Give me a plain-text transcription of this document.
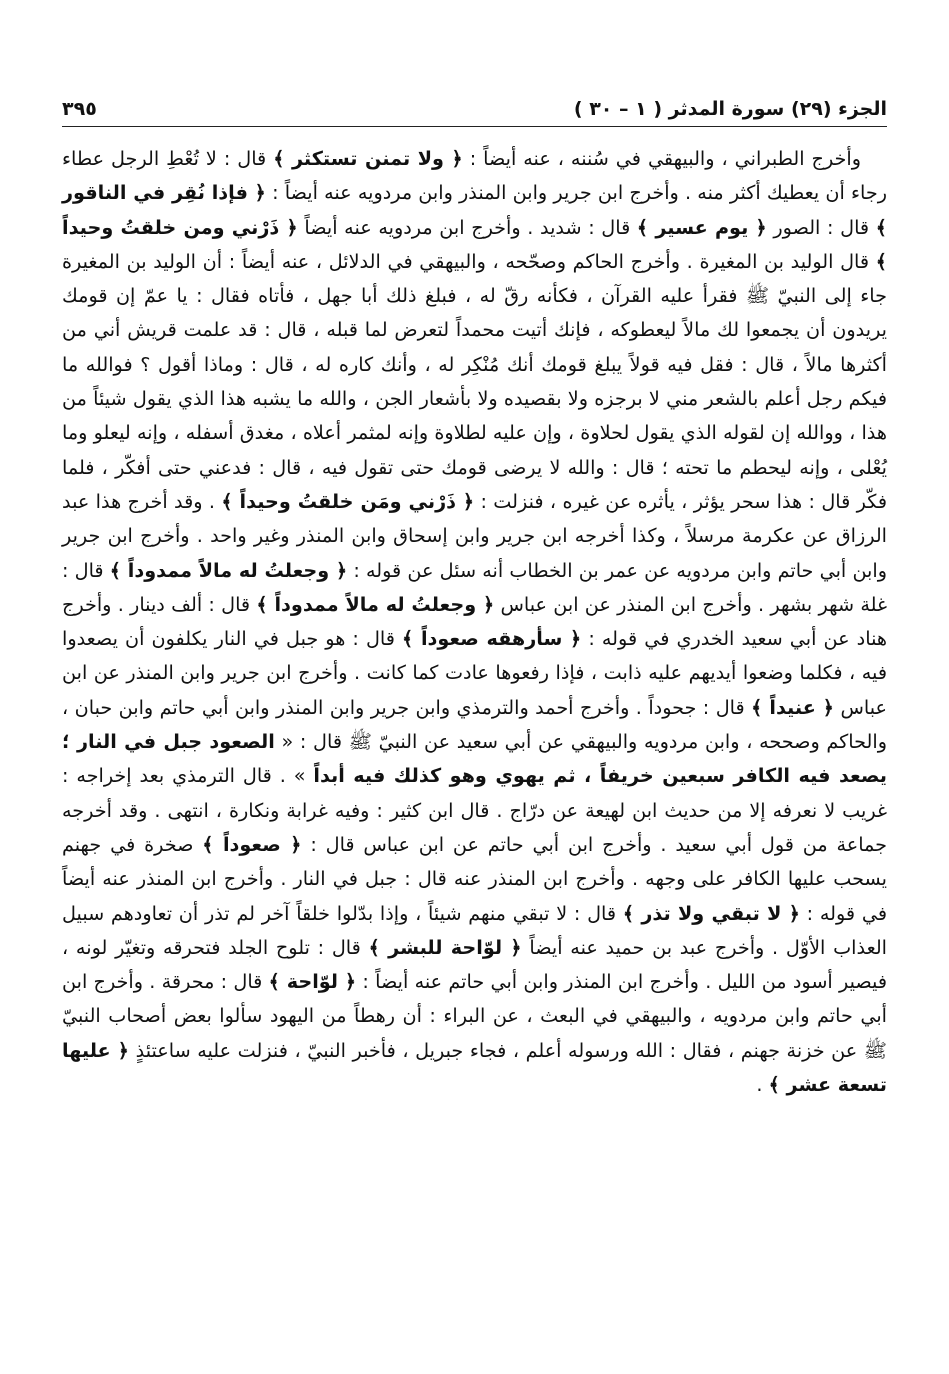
الجزء (٢٩) سورة المدثر ( ١ – ٣٠ )
٣٩٥

وأخرج الطبراني ، والبيهقي في سُننه ، عنه أيضاً : ﴿ ولا تمنن تستكثر ﴾ قال : لا تُعْطِ الرجل عطاء رجاء أن يعطيك أكثر منه . وأخرج ابن جرير وابن المنذر وابن مردويه عنه أيضاً : ﴿ فإذا نُقِر في الناقور ﴾ قال : الصور ﴿ يوم عسير ﴾ قال : شديد . وأخرج ابن مردويه عنه أيضاً ﴿ ذَرْني ومن خلقتُ وحيداً ﴾ قال الوليد بن المغيرة . وأخرج الحاكم وصحّحه ، والبيهقي في الدلائل ، عنه أيضاً : أن الوليد بن المغيرة جاء إلى النبيّ ﷺ فقرأ عليه القرآن ، فكأنه رقّ له ، فبلغ ذلك أبا جهل ، فأتاه فقال : يا عمّ إن قومك يريدون أن يجمعوا لك مالاً ليعطوكه ، فإنك أتيت محمداً لتعرض لما قبله ، قال : قد علمت قريش أني من أكثرها مالاً ، قال : فقل فيه قولاً يبلغ قومك أنك مُنْكِر له ، وأنك كاره له ، قال : وماذا أقول ؟ فوالله ما فيكم رجل أعلم بالشعر مني لا برجزه ولا بقصيده ولا بأشعار الجن ، والله ما يشبه هذا الذي يقول شيئاً من هذا ، ووالله إن لقوله الذي يقول لحلاوة ، وإن عليه لطلاوة وإنه لمثمر أعلاه ، مغدق أسفله ، وإنه ليعلو وما يُعْلى ، وإنه ليحطم ما تحته ؛ قال : والله لا يرضى قومك حتى تقول فيه ، قال : فدعني حتى أفكّر ، فلما فكّر قال : هذا سحر يؤثر ، يأثره عن غيره ، فنزلت : ﴿ ذَرْني ومَن خلقتُ وحيداً ﴾ . وقد أخرج هذا عبد الرزاق عن عكرمة مرسلاً ، وكذا أخرجه ابن جرير وابن إسحاق وابن المنذر وغير واحد . وأخرج ابن جرير وابن أبي حاتم وابن مردويه عن عمر بن الخطاب أنه سئل عن قوله : ﴿ وجعلتُ له مالاً ممدوداً ﴾ قال : غلة شهر بشهر . وأخرج ابن المنذر عن ابن عباس ﴿ وجعلتُ له مالاً ممدوداً ﴾ قال : ألف دينار . وأخرج هناد عن أبي سعيد الخدري في قوله : ﴿ سأرهقه صعوداً ﴾ قال : هو جبل في النار يكلفون أن يصعدوا فيه ، فكلما وضعوا أيديهم عليه ذابت ، فإذا رفعوها عادت كما كانت . وأخرج ابن جرير وابن المنذر عن ابن عباس ﴿ عنيداً ﴾ قال : جحوداً . وأخرج أحمد والترمذي وابن جرير وابن المنذر وابن أبي حاتم وابن حبان ، والحاكم وصححه ، وابن مردويه والبيهقي عن أبي سعيد عن النبيّ ﷺ قال : « الصعود جبل في النار ؛ يصعد فيه الكافر سبعين خريفاً ، ثم يهوي وهو كذلك فيه أبداً » . قال الترمذي بعد إخراجه : غريب لا نعرفه إلا من حديث ابن لهيعة عن درّاج . قال ابن كثير : وفيه غرابة ونكارة ، انتهى . وقد أخرجه جماعة من قول أبي سعيد . وأخرج ابن أبي حاتم عن ابن عباس قال : ﴿ صعوداً ﴾ صخرة في جهنم يسحب عليها الكافر على وجهه . وأخرج ابن المنذر عنه قال : جبل في النار . وأخرج ابن المنذر عنه أيضاً في قوله : ﴿ لا تبقي ولا تذر ﴾ قال : لا تبقي منهم شيئاً ، وإذا بدّلوا خلقاً آخر لم تذر أن تعاودهم سبيل العذاب الأوّل . وأخرج عبد بن حميد عنه أيضاً ﴿ لوّاحة للبشر ﴾ قال : تلوح الجلد فتحرقه وتغيّر لونه ، فيصير أسود من الليل . وأخرج ابن المنذر وابن أبي حاتم عنه أيضاً : ﴿ لوّاحة ﴾ قال : محرقة . وأخرج ابن أبي حاتم وابن مردويه ، والبيهقي في البعث ، عن البراء : أن رهطاً من اليهود سألوا بعض أصحاب النبيّ ﷺ عن خزنة جهنم ، فقال : الله ورسوله أعلم ، فجاء جبريل ، فأخبر النبيّ ، فنزلت عليه ساعتئذٍ ﴿ عليها تسعة عشر ﴾ .
